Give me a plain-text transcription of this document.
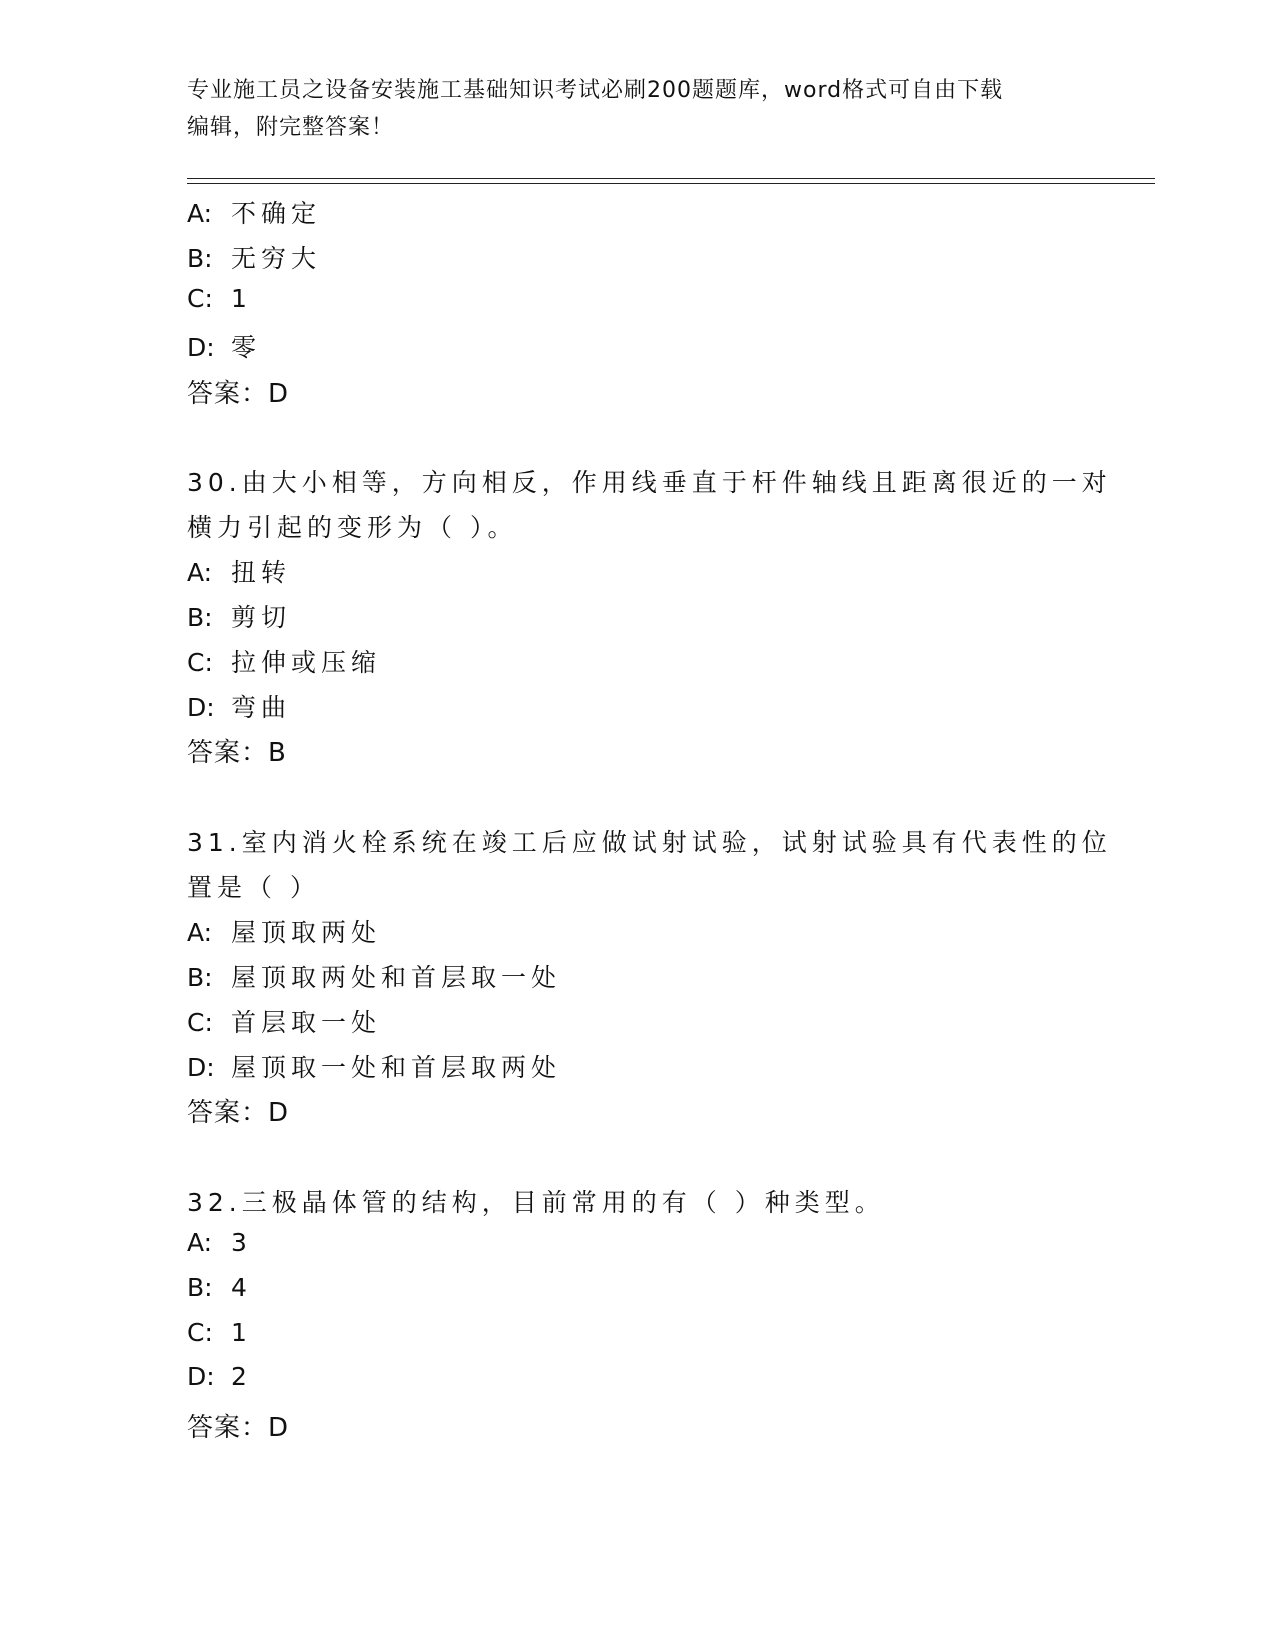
专业施工员之设备安装施工基础知识考试必刷200题题库，word格式可自由下载
编辑，附完整答案！
A: 不确定
B: 无穷大
C: 1
D: 零
答案：D
30.由大小相等，方向相反，作用线垂直于杆件轴线且距离很近的一对
横力引起的变形为（ ）。
A: 扭转
B: 剪切
C: 拉伸或压缩
D: 弯曲
答案：B
31.室内消火栓系统在竣工后应做试射试验，试射试验具有代表性的位
置是（ ）
A: 屋顶取两处
B: 屋顶取两处和首层取一处
C: 首层取一处
D: 屋顶取一处和首层取两处
答案：D
32.三极晶体管的结构，目前常用的有（ ）种类型。
A: 3
B: 4
C: 1
D: 2
答案：D
